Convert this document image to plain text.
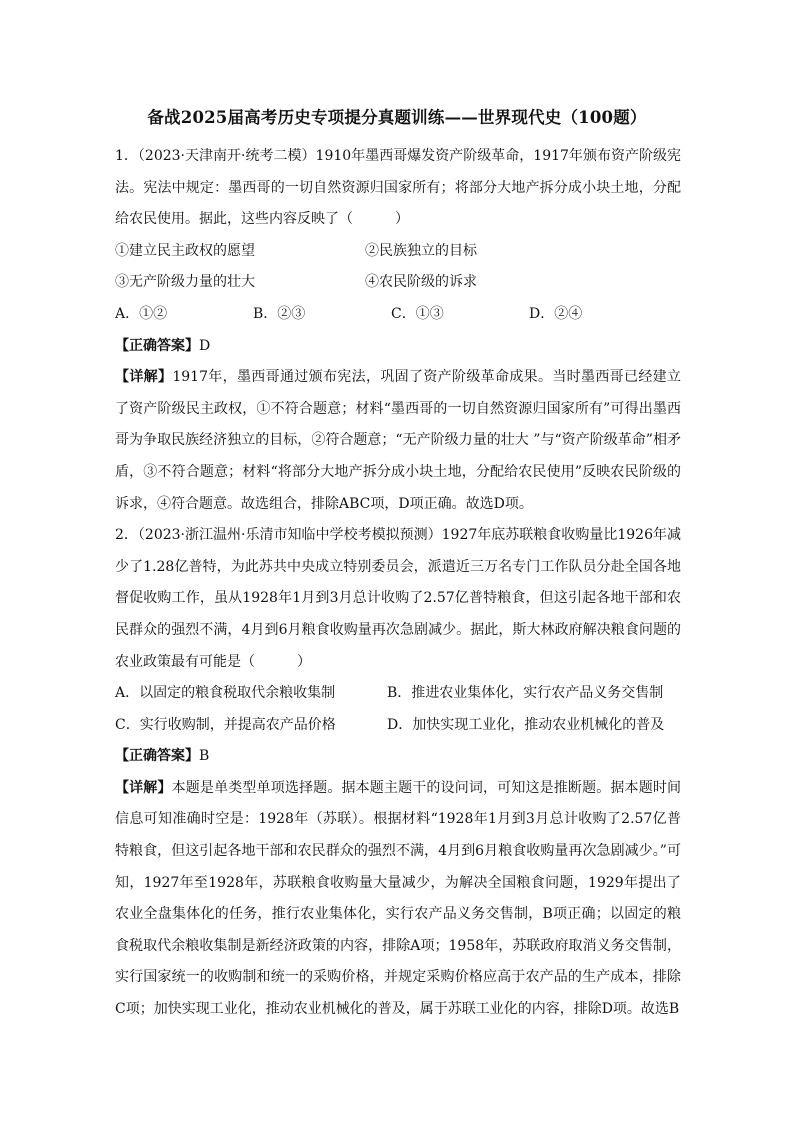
备战2025届高考历史专项提分真题训练——世界现代史（100题）

1．（2023·天津南开·统考二模）1910年墨西哥爆发资产阶级革命，1917年颁布资产阶级宪法。宪法中规定：墨西哥的一切自然资源归国家所有；将部分大地产拆分成小块土地，分配给农民使用。据此，这些内容反映了（　　　）

①建立民主政权的愿望	②民族独立的目标
③无产阶级力量的壮大	④农民阶级的诉求
A．①②	B．②③	C．①③	D．②④

【正确答案】D

【详解】1917年，墨西哥通过颁布宪法，巩固了资产阶级革命成果。当时墨西哥已经建立了资产阶级民主政权，①不符合题意；材料“墨西哥的一切自然资源归国家所有”可得出墨西哥为争取民族经济独立的目标，②符合题意；“无产阶级力量的壮大 ”与“资产阶级革命”相矛盾，③不符合题意；材料“将部分大地产拆分成小块土地，分配给农民使用”反映农民阶级的诉求，④符合题意。故选组合，排除ABC项，D项正确。故选D项。

2．（2023·浙江温州·乐清市知临中学校考模拟预测）1927年底苏联粮食收购量比1926年减少了1.28亿普特，为此苏共中央成立特别委员会，派遣近三万名专门工作队员分赴全国各地督促收购工作，虽从1928年1月到3月总计收购了2.57亿普特粮食，但这引起各地干部和农民群众的强烈不满，4月到6月粮食收购量再次急剧减少。据此，斯大林政府解决粮食问题的农业政策最有可能是（　　　）

A．以固定的粮食税取代余粮收集制	B．推进农业集体化，实行农产品义务交售制
C．实行收购制，并提高农产品价格	D．加快实现工业化，推动农业机械化的普及

【正确答案】B

【详解】本题是单类型单项选择题。据本题主题干的设问词，可知这是推断题。据本题时间信息可知准确时空是：1928年（苏联）。根据材料“1928年1月到3月总计收购了2.57亿普特粮食，但这引起各地干部和农民群众的强烈不满，4月到6月粮食收购量再次急剧减少。”可知，1927年至1928年，苏联粮食收购量大量减少，为解决全国粮食问题，1929年提出了农业全盘集体化的任务，推行农业集体化，实行农产品义务交售制，B项正确；以固定的粮食税取代余粮收集制是新经济政策的内容，排除A项；1958年，苏联政府取消义务交售制，实行国家统一的收购制和统一的采购价格，并规定采购价格应高于农产品的生产成本，排除C项；加快实现工业化，推动农业机械化的普及，属于苏联工业化的内容，排除D项。故选B
